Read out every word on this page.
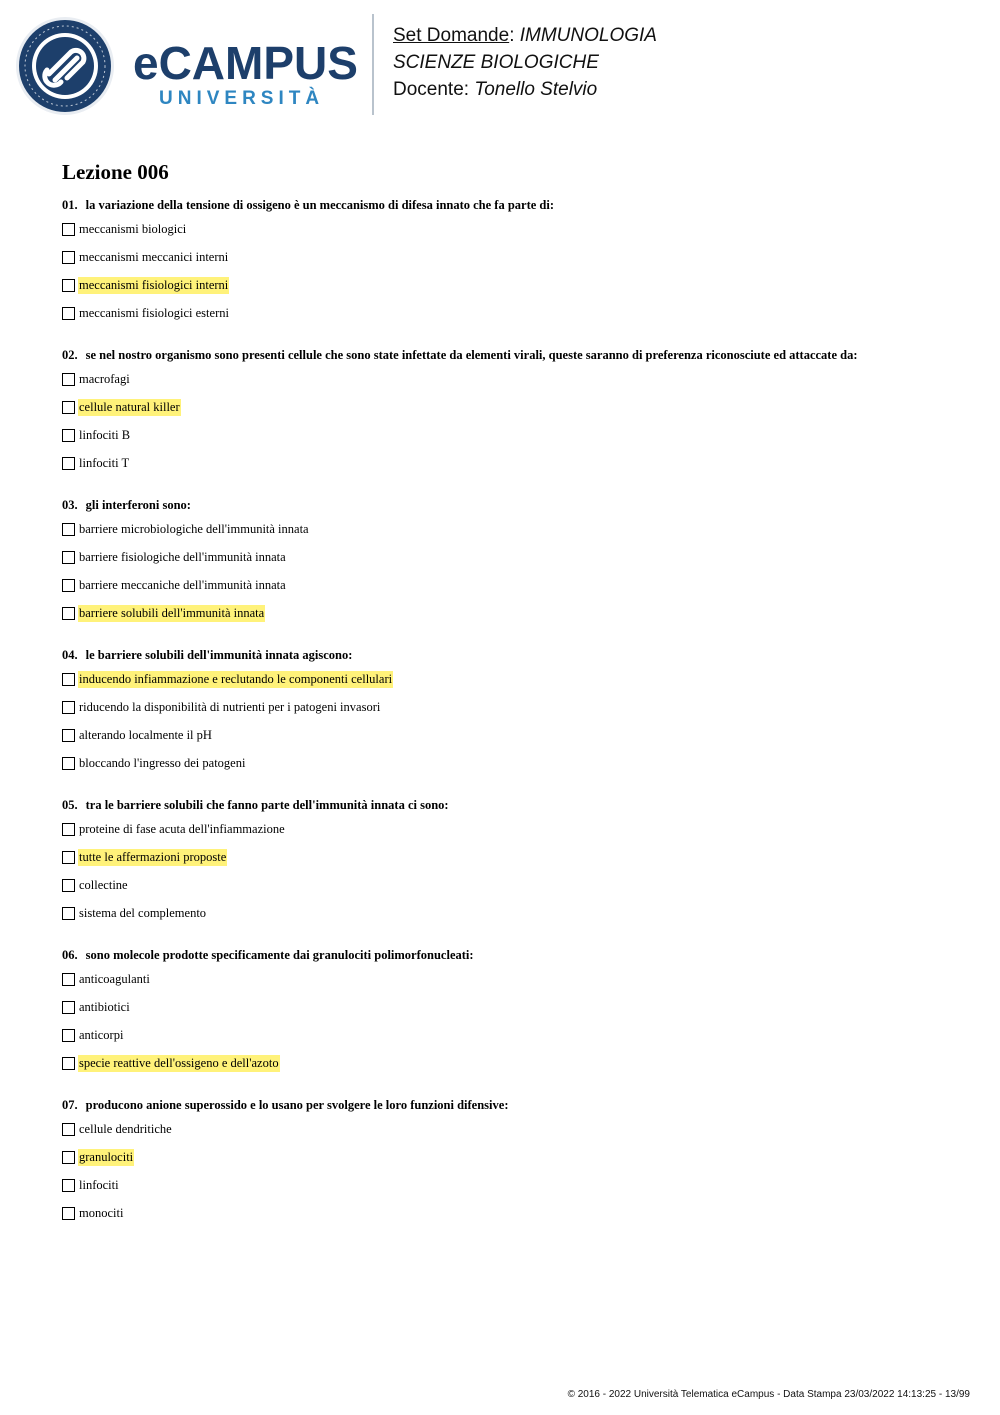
eCAMPUS
UNIVERSITÀ
Set Domande: IMMUNOLOGIA
SCIENZE BIOLOGICHE
Docente: Tonello Stelvio
Lezione 006
01. la variazione della tensione di ossigeno è un meccanismo di difesa innato che fa parte di:
meccanismi biologici
meccanismi meccanici interni
meccanismi fisiologici interni
meccanismi fisiologici esterni
02. se nel nostro organismo sono presenti cellule che sono state infettate da elementi virali, queste saranno di preferenza riconosciute ed attaccate da:
macrofagi
cellule natural killer
linfociti B
linfociti T
03. gli interferoni sono:
barriere microbiologiche dell'immunità innata
barriere fisiologiche dell'immunità innata
barriere meccaniche dell'immunità innata
barriere solubili dell'immunità innata
04. le barriere solubili dell'immunità innata agiscono:
inducendo infiammazione e reclutando le componenti cellulari
riducendo la disponibilità di nutrienti per i patogeni invasori
alterando localmente il pH
bloccando l'ingresso dei patogeni
05. tra le barriere solubili che fanno parte dell'immunità innata ci sono:
proteine di fase acuta dell'infiammazione
tutte le affermazioni proposte
collectine
sistema del complemento
06. sono molecole prodotte specificamente dai granulociti polimorfonucleati:
anticoagulanti
antibiotici
anticorpi
specie reattive dell'ossigeno e dell'azoto
07. producono anione superossido e lo usano per svolgere le loro funzioni difensive:
cellule dendritiche
granulociti
linfociti
monociti
© 2016 - 2022 Università Telematica eCampus - Data Stampa 23/03/2022 14:13:25 - 13/99
